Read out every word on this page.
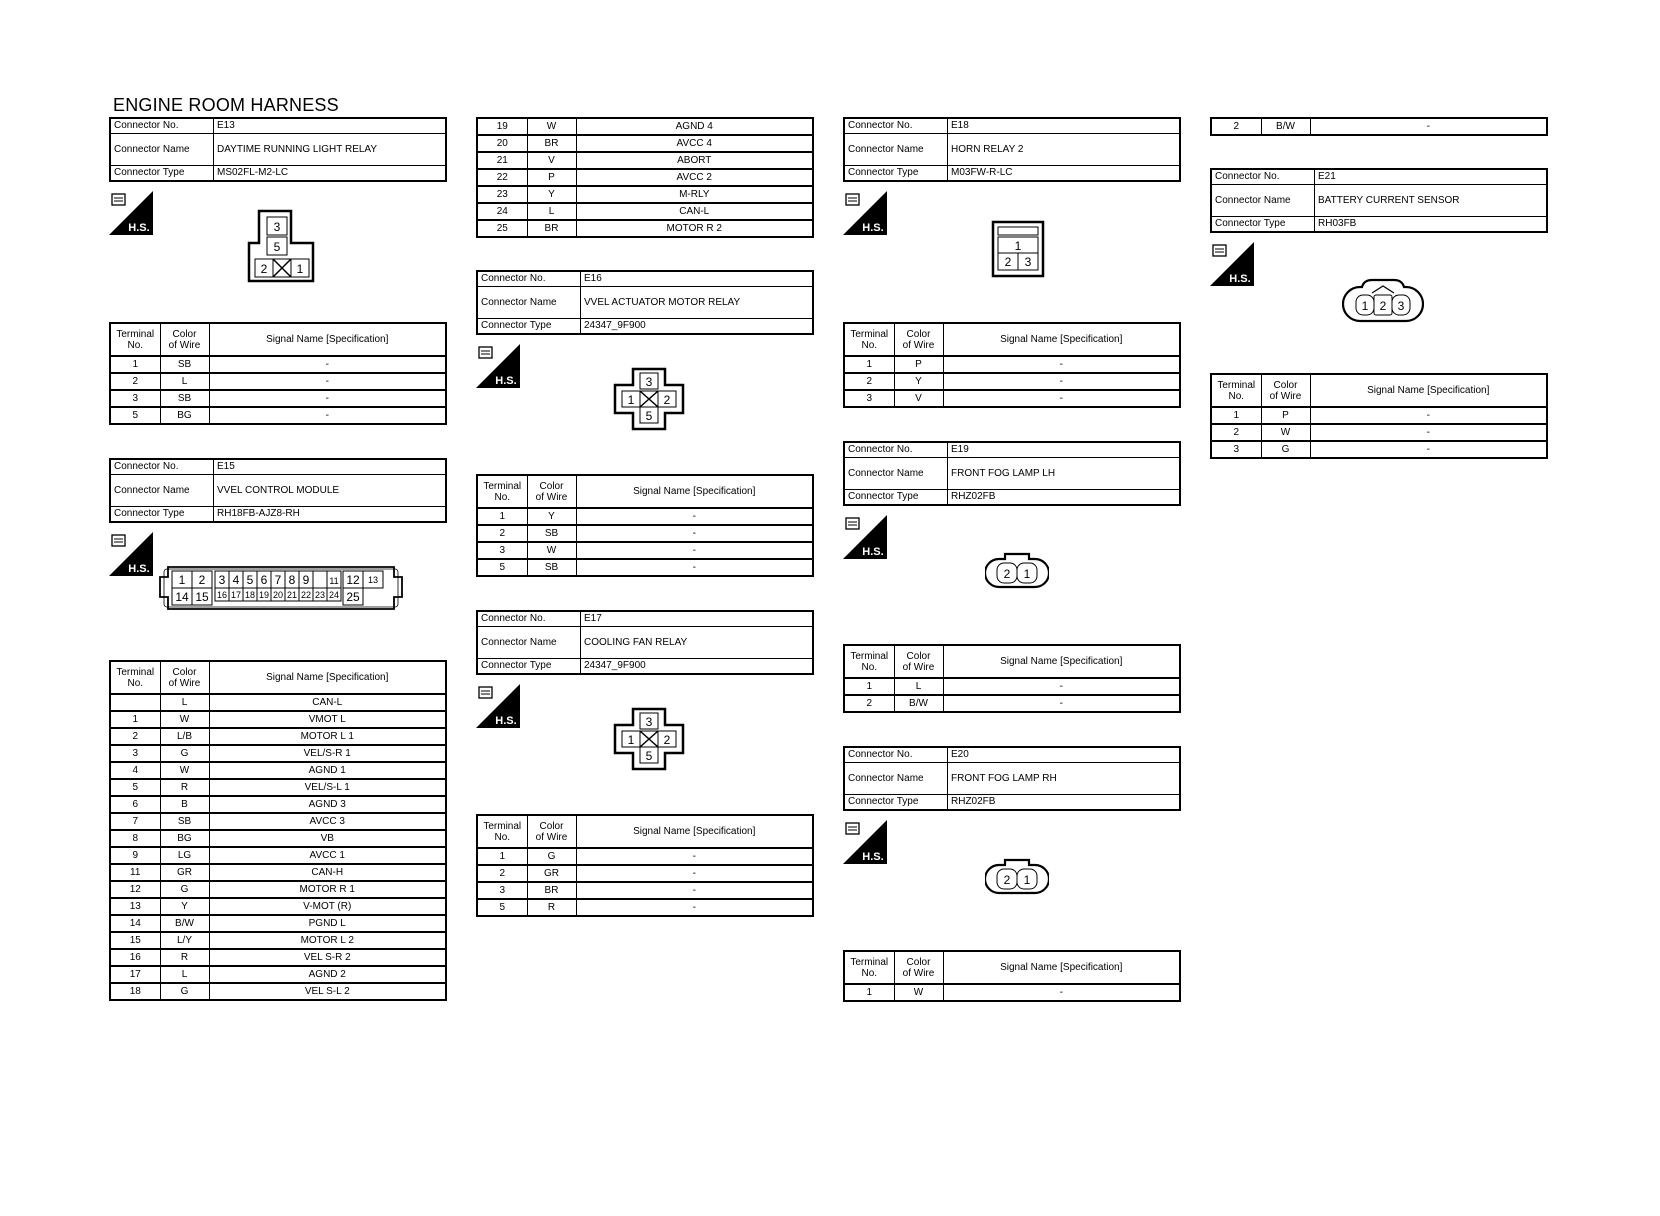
ENGINE ROOM HARNESS
Connector No.	E13
Connector Name	DAYTIME RUNNING LIGHT RELAY
Connector Type	MS02FL-M2-LC
H.S.	3
5
2 1
Terminal
No.	Color
of Wire	Signal Name [Specification]
1	SB	-
2	L	-
3	SB	-
5	BG	-
Connector No.	E15
Connector Name	VVEL CONTROL MODULE
Connector Type	RH18FB-AJZ8-RH
H.S.
1 2 3 4 5 6 7 8 9 11 12 13
14 15 16 17 18 19 20 21 22 23 24 25
Terminal
No.	Color
of Wire	Signal Name [Specification]
	L	CAN-L
1	W	VMOT L
2	L/B	MOTOR L 1
3	G	VEL/S-R 1
4	W	AGND 1
5	R	VEL/S-L 1
6	B	AGND 3
7	SB	AVCC 3
8	BG	VB
9	LG	AVCC 1
11	GR	CAN-H
12	G	MOTOR R 1
13	Y	V-MOT (R)
14	B/W	PGND L
15	L/Y	MOTOR L 2
16	R	VEL S-R 2
17	L	AGND 2
18	G	VEL S-L 2
19	W	AGND 4
20	BR	AVCC 4
21	V	ABORT
22	P	AVCC 2
23	Y	M-RLY
24	L	CAN-L
25	BR	MOTOR R 2
Connector No.	E16
Connector Name	VVEL ACTUATOR MOTOR RELAY
Connector Type	24347_9F900
H.S.	3
1 2
5
Terminal
No.	Color
of Wire	Signal Name [Specification]
1	Y	-
2	SB	-
3	W	-
5	SB	-
Connector No.	E17
Connector Name	COOLING FAN RELAY
Connector Type	24347_9F900
H.S.	3
1 2
5
Terminal
No.	Color
of Wire	Signal Name [Specification]
1	G	-
2	GR	-
3	BR	-
5	R	-
Connector No.	E18
Connector Name	HORN RELAY 2
Connector Type	M03FW-R-LC
H.S.
1
2 3
Terminal
No.	Color
of Wire	Signal Name [Specification]
1	P	-
2	Y	-
3	V	-
Connector No.	E19
Connector Name	FRONT FOG LAMP LH
Connector Type	RHZ02FB
H.S.
2 1
Terminal
No.	Color
of Wire	Signal Name [Specification]
1	L	-
2	B/W	-
Connector No.	E20
Connector Name	FRONT FOG LAMP RH
Connector Type	RHZ02FB
H.S.
2 1
Terminal
No.	Color
of Wire	Signal Name [Specification]
1	W	-
2	B/W	-
Connector No.	E21
Connector Name	BATTERY CURRENT SENSOR
Connector Type	RH03FB
H.S.
1 2 3
Terminal
No.	Color
of Wire	Signal Name [Specification]
1	P	-
2	W	-
3	G	-
